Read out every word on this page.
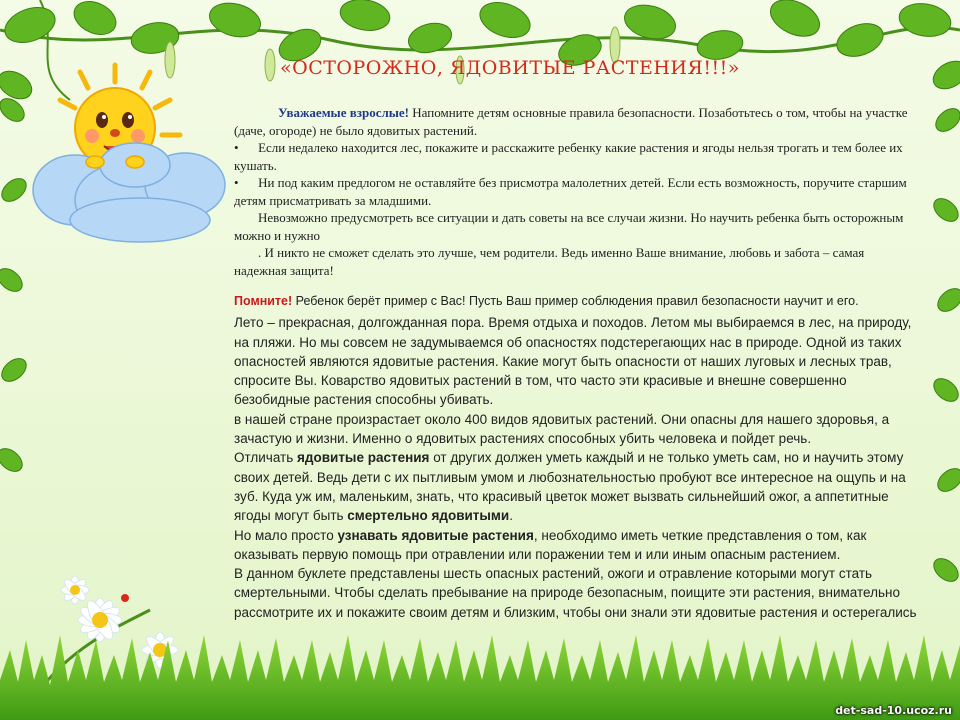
«ОСТОРОЖНО, ЯДОВИТЫЕ РАСТЕНИЯ!!!»

Уважаемые взрослые! Напомните детям основные правила безопасности. Позаботьтесь о том, чтобы на участке (даче, огороде) не было ядовитых растений.

•      Если недалеко находится лес, покажите и расскажите ребенку какие растения и ягоды нельзя трогать и тем более их кушать.

•      Ни под каким предлогом не оставляйте без присмотра малолетних детей. Если есть возможность, поручите старшим детям присматривать за младшими.

Невозможно предусмотреть все ситуации и дать советы на все случаи жизни. Но научить ребенка быть осторожным можно и нужно

. И никто не сможет сделать это лучше, чем родители. Ведь именно Ваше внимание, любовь и забота – самая надежная защита!

Помните! Ребенок берёт пример с Вас! Пусть Ваш пример соблюдения правил безопасности научит и его.

Лето – прекрасная, долгожданная пора. Время отдыха и походов. Летом мы выбираемся в лес, на природу, на пляжи. Но мы совсем не задумываемся об опасностях подстерегающих нас в природе. Одной из таких опасностей являются ядовитые растения. Какие могут быть опасности от наших луговых и лесных трав, спросите Вы. Коварство ядовитых растений в том, что часто эти красивые и внешне совершенно безобидные растения способны убивать.

в нашей стране произрастает около 400 видов ядовитых растений. Они опасны для нашего здоровья, а зачастую и жизни. Именно о ядовитых растениях способных убить человека и пойдет речь.

Отличать ядовитые растения от других должен уметь каждый и не только уметь сам, но и научить этому своих детей. Ведь дети с их пытливым умом и любознательностью пробуют все интересное на ощупь и на зуб. Куда уж им, маленьким, знать, что красивый цветок может вызвать сильнейший ожог, а аппетитные ягоды могут быть смертельно ядовитыми.

Но мало просто узнавать ядовитые растения, необходимо иметь четкие представления о том, как оказывать первую помощь при отравлении или поражении тем и или иным опасным растением.

В данном буклете представлены шесть опасных растений, ожоги и отравление которыми могут стать смертельными. Чтобы сделать пребывание на природе безопасным, поищите эти растения, внимательно рассмотрите их и покажите своим детям и близким, чтобы они знали эти ядовитые растения и остерегались

det-sad-10.ucoz.ru
